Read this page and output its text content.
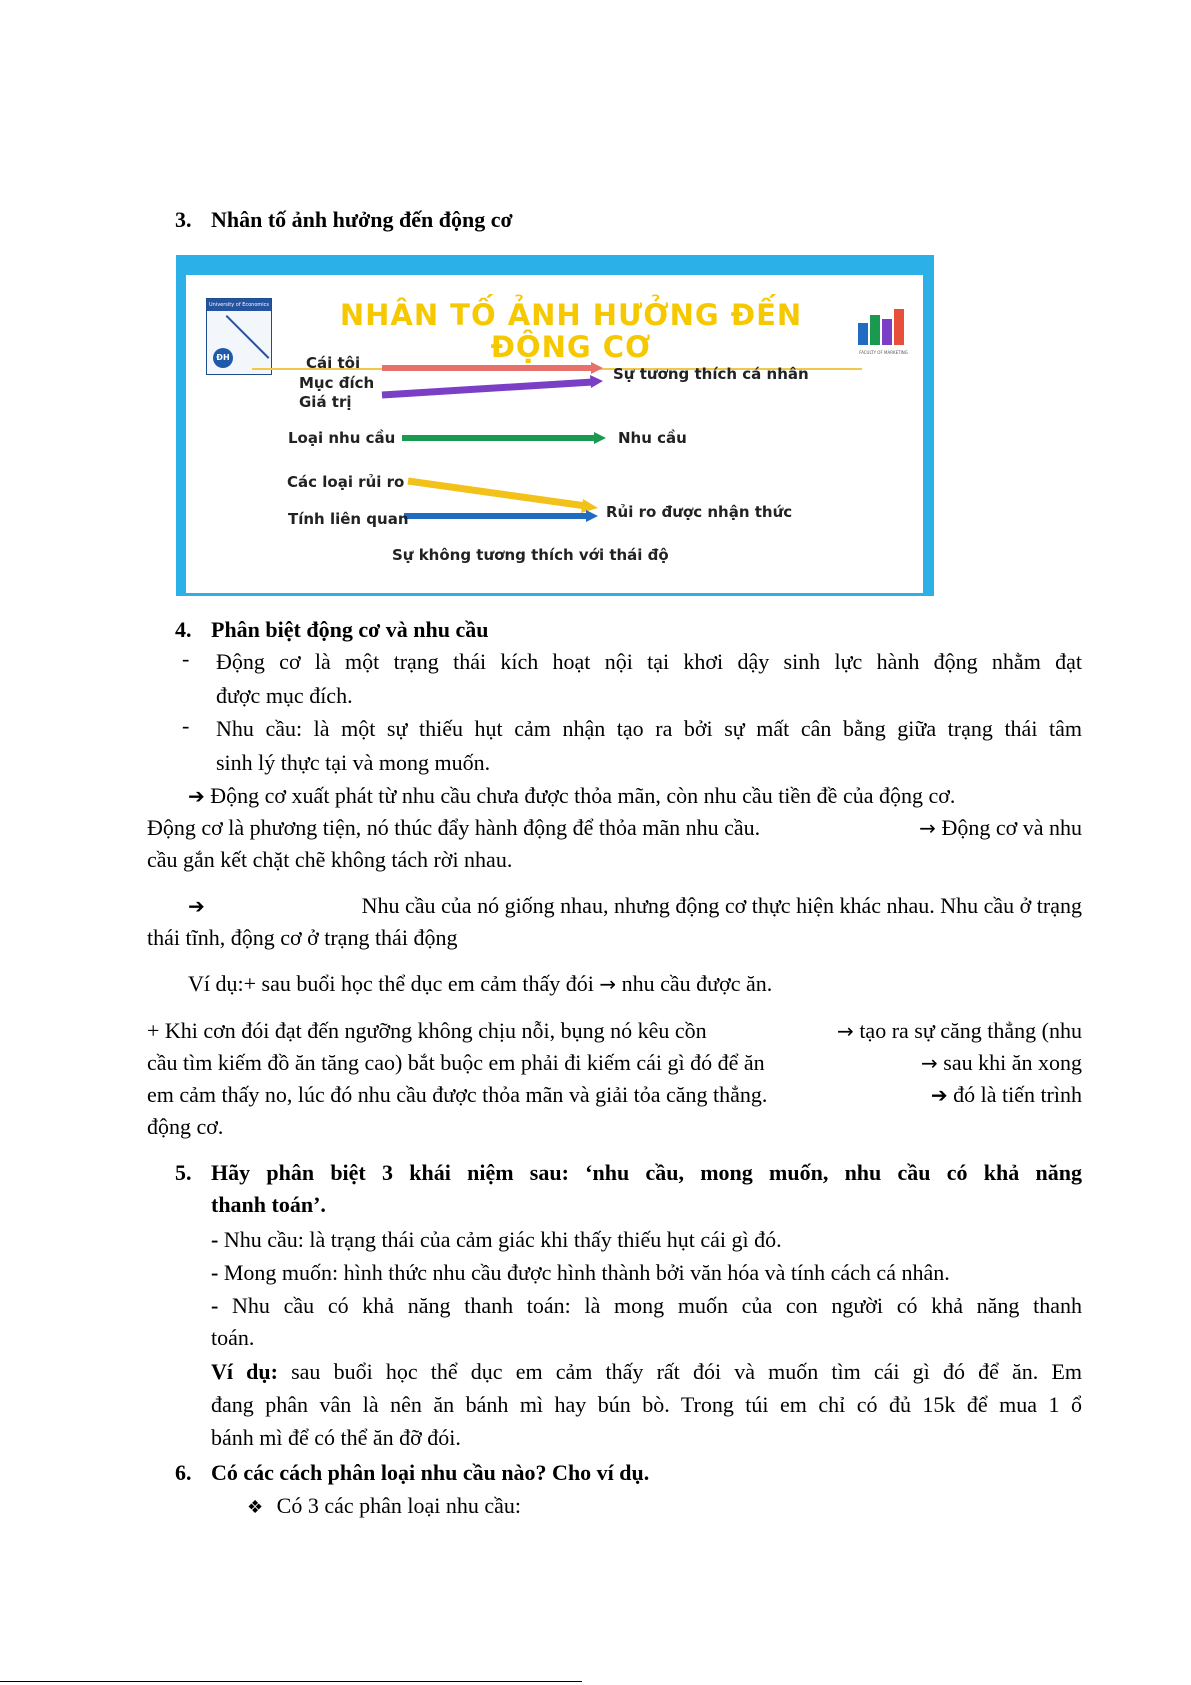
3. Nhân tố ảnh hưởng đến động cơ
University of Economics
ĐH
NHÂN TỐ ẢNH HƯỞNG ĐẾN
ĐỘNG CƠ	FACULTY OF MARKETING
Cái tôi
Mục đích
Giá trị
Sự tương thích cá nhân
Loại nhu cầu	Nhu cầu
Các loại rủi ro
Tính liên quan	Rủi ro được nhận thức
Sự không tương thích với thái độ
4. Phân biệt động cơ và nhu cầu
- Động cơ là một trạng thái kích hoạt nội tại khơi dậy sinh lực hành động nhằm đạt
được mục đích.
- Nhu cầu: là một sự thiếu hụt cảm nhận tạo ra bởi sự mất cân bằng giữa trạng thái tâm
sinh lý thực tại và mong muốn.
➔ Động cơ xuất phát từ nhu cầu chưa được thỏa mãn, còn nhu cầu tiền đề của động cơ.
Động cơ là phương tiện, nó thúc đẩy hành động để thỏa mãn nhu cầu.	→ Động cơ và nhu
cầu gắn kết chặt chẽ không tách rời nhau.
➔	Nhu cầu của nó giống nhau, nhưng động cơ thực hiện khác nhau. Nhu cầu ở trạng
thái tĩnh, động cơ ở trạng thái động
Ví dụ:+ sau buổi học thể dục em cảm thấy đói → nhu cầu được ăn.
+ Khi cơn đói đạt đến ngưỡng không chịu nỗi, bụng nó kêu cồn	→ tạo ra sự căng thẳng (nhu
cầu tìm kiếm đồ ăn tăng cao) bắt buộc em phải đi kiếm cái gì đó để ăn	→ sau khi ăn xong
em cảm thấy no, lúc đó nhu cầu được thỏa mãn và giải tỏa căng thẳng.	➔ đó là tiến trình
động cơ.
5. Hãy phân biệt 3 khái niệm sau: ‘nhu cầu, mong muốn, nhu cầu có khả năng
thanh toán’.
- Nhu cầu: là trạng thái của cảm giác khi thấy thiếu hụt cái gì đó.
- Mong muốn: hình thức nhu cầu được hình thành bởi văn hóa và tính cách cá nhân.
- Nhu cầu có khả năng thanh toán: là mong muốn của con người có khả năng thanh
toán.
Ví dụ: sau buổi học thể dục em cảm thấy rất đói và muốn tìm cái gì đó để ăn. Em
đang phân vân là nên ăn bánh mì hay bún bò. Trong túi em chỉ có đủ 15k để mua 1 ổ
bánh mì để có thể ăn đỡ đói.
6. Có các cách phân loại nhu cầu nào? Cho ví dụ.
❖ Có 3 các phân loại nhu cầu:
